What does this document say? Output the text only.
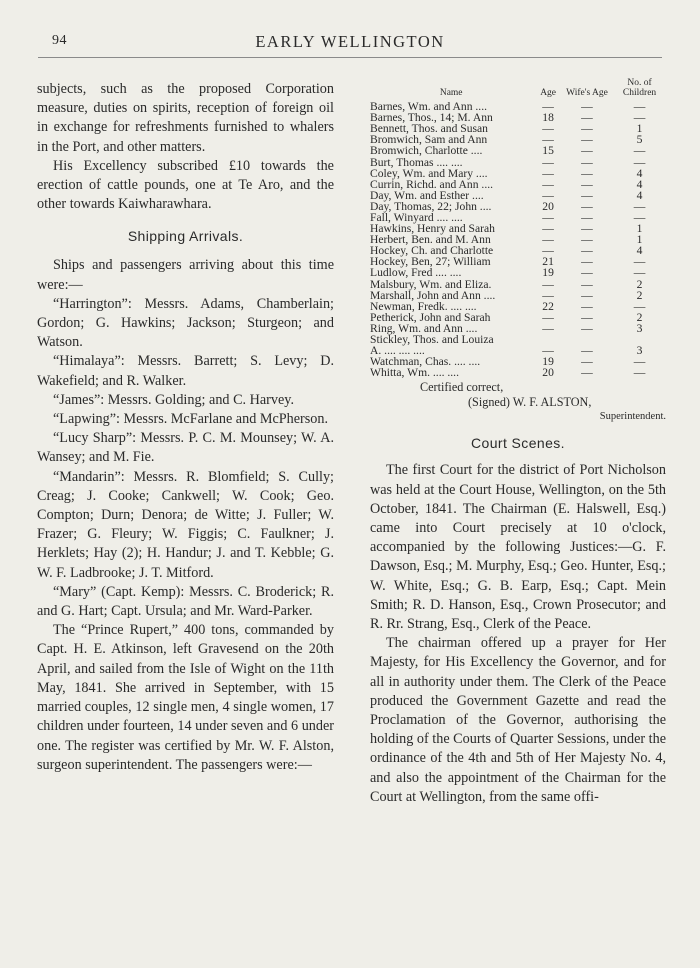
94	EARLY WELLINGTON

subjects, such as the proposed Corporation measure, duties on spirits, reception of foreign oil in exchange for refreshments furnished to whalers in the Port, and other matters.

His Excellency subscribed £10 towards the erection of cattle pounds, one at Te Aro, and the other towards Kaiwharawhara.

Shipping Arrivals.

Ships and passengers arriving about this time were:—

“Harrington”: Messrs. Adams, Chamberlain; Gordon; G. Hawkins; Jackson; Sturgeon; and Watson.

“Himalaya”: Messrs. Barrett; S. Levy; D. Wakefield; and R. Walker.

“James”: Messrs. Golding; and C. Harvey.

“Lapwing”: Messrs. McFarlane and McPherson.

“Lucy Sharp”: Messrs. P. C. M. Mounsey; W. A. Wansey; and M. Fie.

“Mandarin”: Messrs. R. Blomfield; S. Cully; Creag; J. Cooke; Cankwell; W. Cook; Geo. Compton; Durn; Denora; de Witte; J. Fuller; W. Frazer; G. Fleury; W. Figgis; C. Faulkner; J. Herklets; Hay (2); H. Handur; J. and T. Kebble; G. W. F. Ladbrooke; J. T. Mitford.

“Mary” (Capt. Kemp): Messrs. C. Broderick; R. and G. Hart; Capt. Ursula; and Mr. Ward-Parker.

The “Prince Rupert,” 400 tons, commanded by Capt. H. E. Atkinson, left Gravesend on the 20th April, and sailed from the Isle of Wight on the 11th May, 1841. She arrived in September, with 15 married couples, 12 single men, 4 single women, 17 children under fourteen, 14 under seven and 6 under one. The register was certified by Mr. W. F. Alston, surgeon superintendent. The passengers were:—

Name	Age	Wife's Age	No. of Children
Barnes, Wm. and Ann ....	—	—	—
Barnes, Thos., 14; M. Ann	18	—	—
Bennett, Thos. and Susan	—	—	1
Bromwich, Sam and Ann	—	—	5
Bromwich, Charlotte ....	15	—	—
Burt, Thomas .... ....	—	—	—
Coley, Wm. and Mary ....	—	—	4
Currin, Richd. and Ann ....	—	—	4
Day, Wm. and Esther ....	—	—	4
Day, Thomas, 22; John ....	20	—	—
Fall, Winyard .... ....	—	—	—
Hawkins, Henry and Sarah	—	—	1
Herbert, Ben. and M. Ann	—	—	1
Hockey, Ch. and Charlotte	—	—	4
Hockey, Ben, 27; William	21	—	—
Ludlow, Fred .... ....	19	—	—
Malsbury, Wm. and Eliza.	—	—	2
Marshall, John and Ann ....	—	—	2
Newman, Fredk. .... ....	22	—	—
Petherick, John and Sarah	—	—	2
Ring, Wm. and Ann ....	—	—	3
Stickley, Thos. and Louiza			
A. .... .... ....	—	—	3
Watchman, Chas. .... ....	19	—	—
Whitta, Wm. .... ....	20	—	—
Certified correct,
(Signed) W. F. ALSTON,
Superintendent.
Court Scenes.

The first Court for the district of Port Nicholson was held at the Court House, Wellington, on the 5th October, 1841. The Chairman (E. Halswell, Esq.) came into Court precisely at 10 o'clock, accompanied by the following Justices:—G. F. Dawson, Esq.; M. Murphy, Esq.; Geo. Hunter, Esq.; W. White, Esq.; G. B. Earp, Esq.; Capt. Mein Smith; R. D. Hanson, Esq., Crown Prosecutor; and R. Rr. Strang, Esq., Clerk of the Peace.

The chairman offered up a prayer for Her Majesty, for His Excellency the Governor, and for all in authority under them. The Clerk of the Peace produced the Government Gazette and read the Proclamation of the Governor, authorising the holding of the Courts of Quarter Sessions, under the ordinance of the 4th and 5th of Her Majesty No. 4, and also the appointment of the Chairman for the Court at Wellington, from the same offi-
